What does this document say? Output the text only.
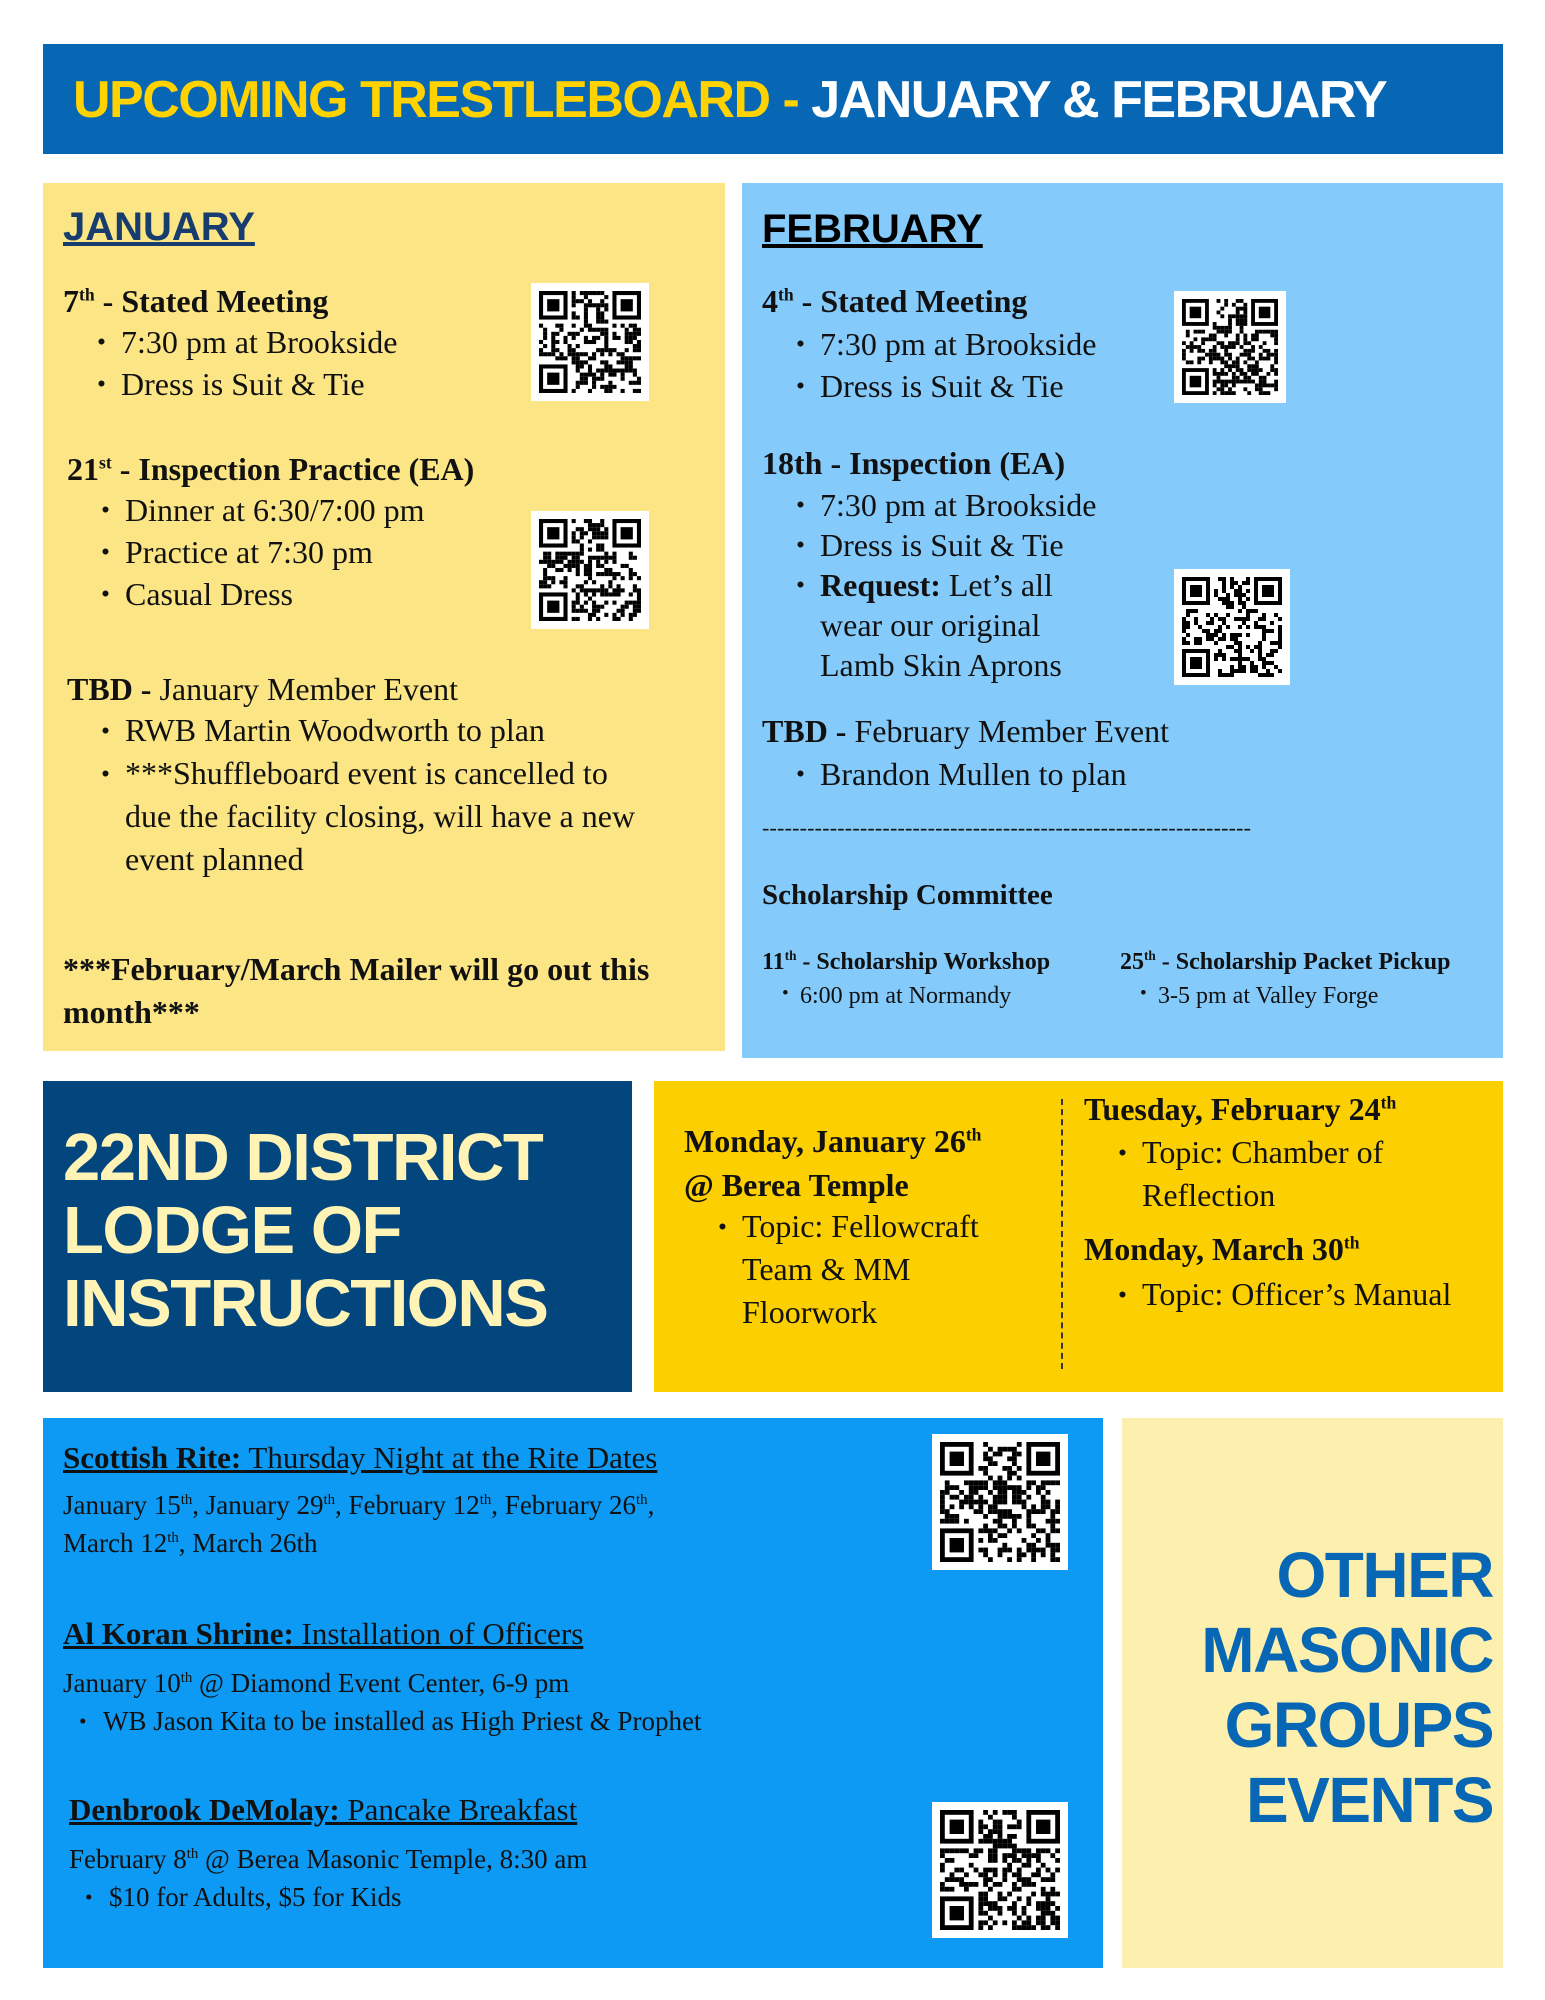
UPCOMING TRESTLEBOARD - JANUARY & FEBRUARY
JANUARY
7th - Stated Meeting
• 7:30 pm at Brookside
• Dress is Suit & Tie
21st - Inspection Practice (EA)
• Dinner at 6:30/7:00 pm
• Practice at 7:30 pm
• Casual Dress
TBD - January Member Event
• RWB Martin Woodworth to plan
• ***Shuffleboard event is cancelled to due the facility closing, will have a new event planned
***February/March Mailer will go out this month***
FEBRUARY
4th - Stated Meeting
• 7:30 pm at Brookside
• Dress is Suit & Tie
18th - Inspection (EA)
• 7:30 pm at Brookside
• Dress is Suit & Tie
• Request: Let’s all wear our original Lamb Skin Aprons
TBD - February Member Event
• Brandon Mullen to plan
-----------------------------------------------------------------
Scholarship Committee
11th - Scholarship Workshop
• 6:00 pm at Normandy
25th - Scholarship Packet Pickup
• 3-5 pm at Valley Forge
22ND DISTRICT
LODGE OF
INSTRUCTIONS
Monday, January 26th
@ Berea Temple
• Topic: Fellowcraft Team & MM Floorwork
Tuesday, February 24th
• Topic: Chamber of Reflection
Monday, March 30th
• Topic: Officer’s Manual
Scottish Rite: Thursday Night at the Rite Dates
January 15th, January 29th, February 12th, February 26th,
March 12th, March 26th
Al Koran Shrine: Installation of Officers
January 10th @ Diamond Event Center, 6-9 pm
• WB Jason Kita to be installed as High Priest & Prophet
Denbrook DeMolay: Pancake Breakfast
February 8th @ Berea Masonic Temple, 8:30 am
• $10 for Adults, $5 for Kids
OTHER
MASONIC
GROUPS
EVENTS
